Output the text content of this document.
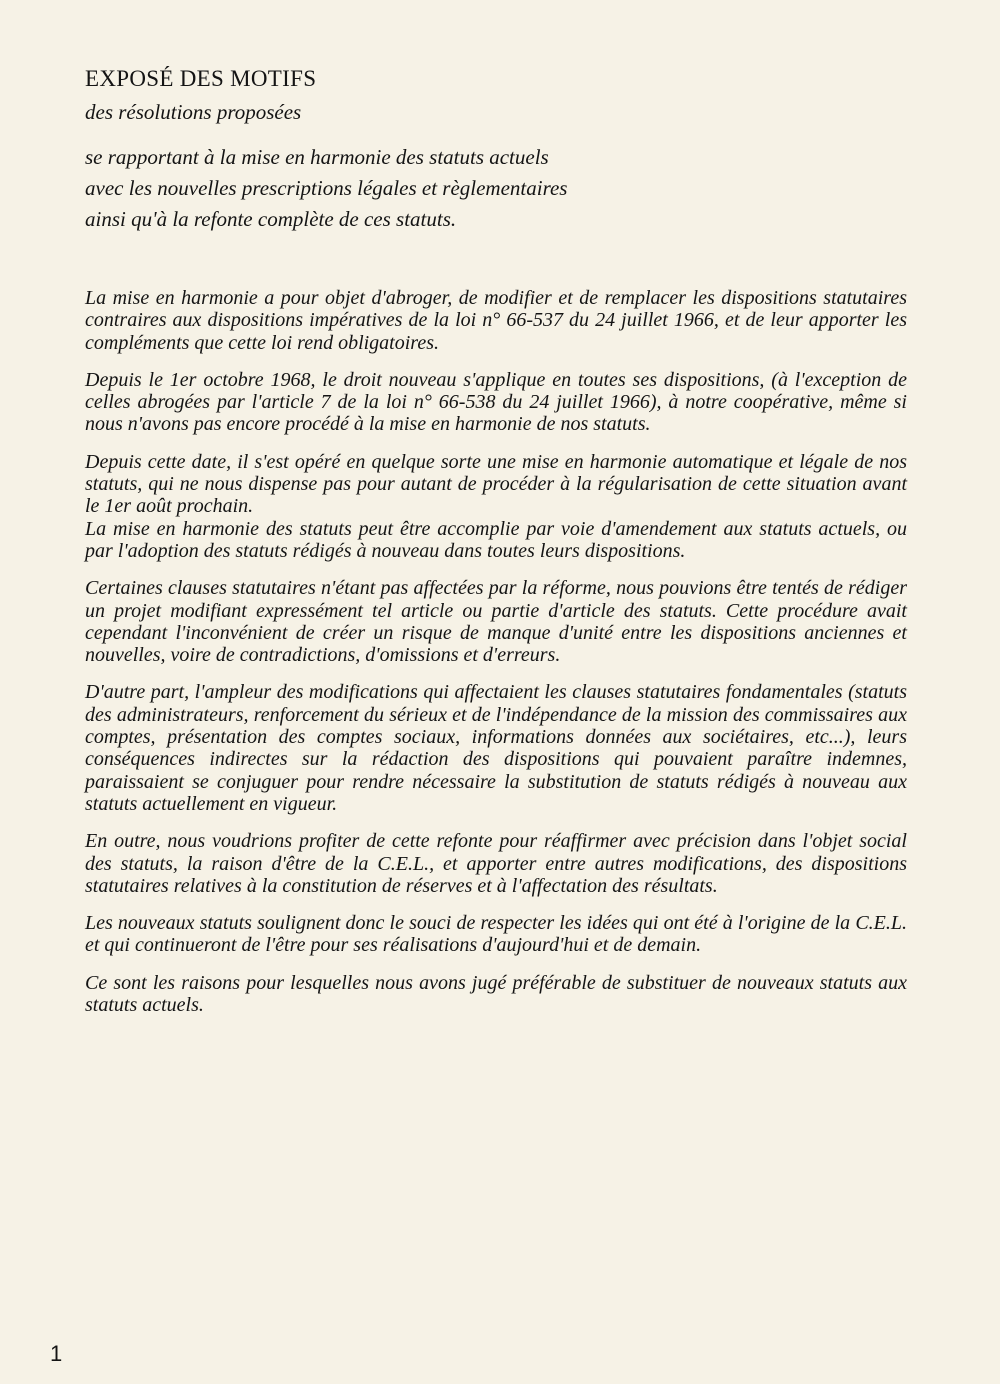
EXPOSÉ DES MOTIFS
des résolutions proposées
se rapportant à la mise en harmonie des statuts actuels
avec les nouvelles prescriptions légales et règlementaires
ainsi qu'à la refonte complète de ces statuts.

La mise en harmonie a pour objet d'abroger, de modifier et de remplacer les dispositions statutaires contraires aux dispositions impératives de la loi n° 66-537 du 24 juillet 1966, et de leur apporter les compléments que cette loi rend obligatoires.

Depuis le 1er octobre 1968, le droit nouveau s'applique en toutes ses dispositions, (à l'exception de celles abrogées par l'article 7 de la loi n° 66-538 du 24 juillet 1966), à notre coopérative, même si nous n'avons pas encore procédé à la mise en harmonie de nos statuts.

Depuis cette date, il s'est opéré en quelque sorte une mise en harmonie automatique et légale de nos statuts, qui ne nous dispense pas pour autant de procéder à la régularisation de cette situation avant le 1er août prochain.

La mise en harmonie des statuts peut être accomplie par voie d'amendement aux statuts actuels, ou par l'adoption des statuts rédigés à nouveau dans toutes leurs dispositions.

Certaines clauses statutaires n'étant pas affectées par la réforme, nous pouvions être tentés de rédiger un projet modifiant expressément tel article ou partie d'article des statuts. Cette procédure avait cependant l'inconvénient de créer un risque de manque d'unité entre les dispositions anciennes et nouvelles, voire de contradictions, d'omissions et d'erreurs.

D'autre part, l'ampleur des modifications qui affectaient les clauses statutaires fondamentales (statuts des administrateurs, renforcement du sérieux et de l'indépendance de la mission des commissaires aux comptes, présentation des comptes sociaux, informations données aux sociétaires, etc...), leurs conséquences indirectes sur la rédaction des dispositions qui pouvaient paraître indemnes, paraissaient se conjuguer pour rendre nécessaire la substitution de statuts rédigés à nouveau aux statuts actuellement en vigueur.

En outre, nous voudrions profiter de cette refonte pour réaffirmer avec précision dans l'objet social des statuts, la raison d'être de la C.E.L., et apporter entre autres modifications, des dispositions statutaires relatives à la constitution de réserves et à l'affectation des résultats.

Les nouveaux statuts soulignent donc le souci de respecter les idées qui ont été à l'origine de la C.E.L. et qui continueront de l'être pour ses réalisations d'aujourd'hui et de demain.

Ce sont les raisons pour lesquelles nous avons jugé préférable de substituer de nouveaux statuts aux statuts actuels.

1
